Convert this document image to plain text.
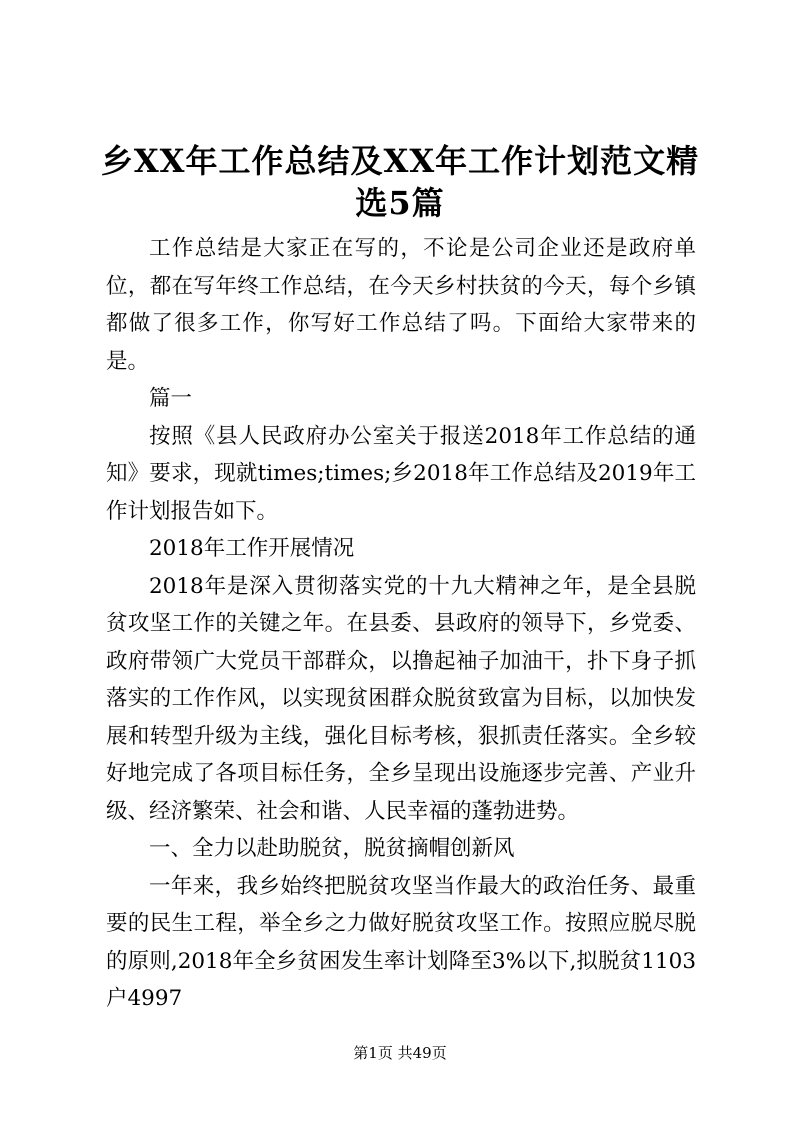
乡XX年工作总结及XX年工作计划范文精选5篇

工作总结是大家正在写的，不论是公司企业还是政府单位，都在写年终工作总结，在今天乡村扶贫的今天，每个乡镇都做了很多工作，你写好工作总结了吗。下面给大家带来的是。

篇一

按照《县人民政府办公室关于报送2018年工作总结的通知》要求，现就times;times;乡2018年工作总结及2019年工作计划报告如下。

2018年工作开展情况

2018年是深入贯彻落实党的十九大精神之年，是全县脱贫攻坚工作的关键之年。在县委、县政府的领导下，乡党委、政府带领广大党员干部群众，以撸起袖子加油干，扑下身子抓落实的工作作风，以实现贫困群众脱贫致富为目标，以加快发展和转型升级为主线，强化目标考核，狠抓责任落实。全乡较好地完成了各项目标任务，全乡呈现出设施逐步完善、产业升级、经济繁荣、社会和谐、人民幸福的蓬勃进势。

一、全力以赴助脱贫，脱贫摘帽创新风

一年来，我乡始终把脱贫攻坚当作最大的政治任务、最重要的民生工程，举全乡之力做好脱贫攻坚工作。按照应脱尽脱的原则,2018年全乡贫困发生率计划降至3%以下,拟脱贫1103户4997

第1页 共49页
